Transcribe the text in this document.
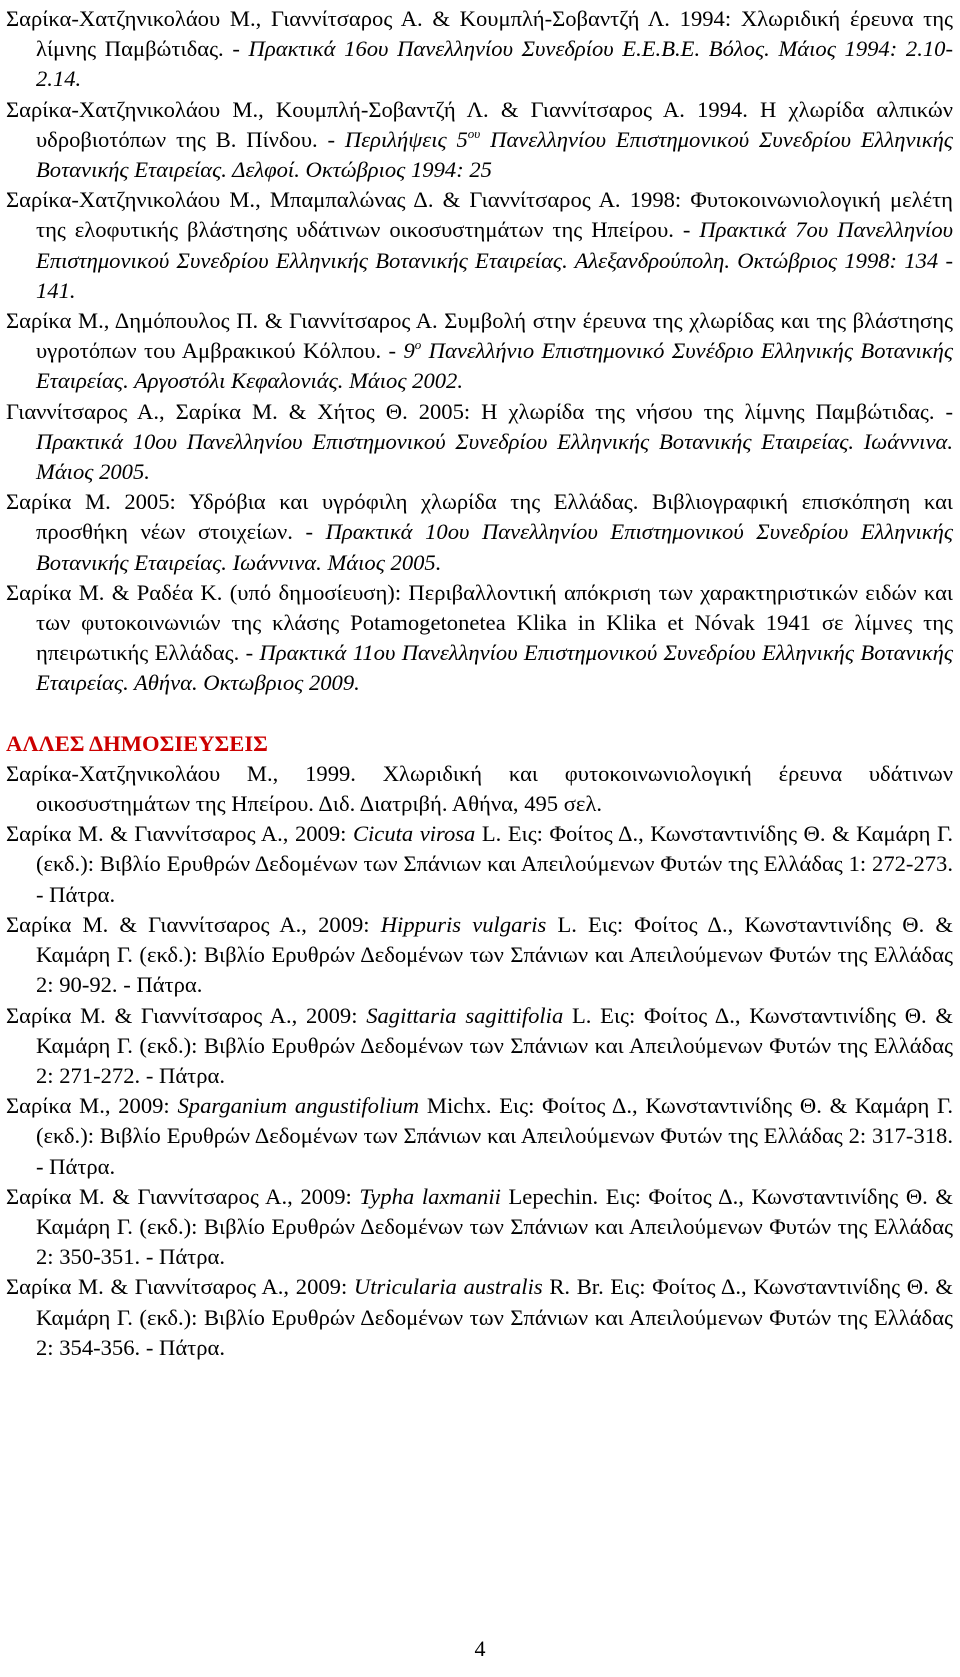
Σαρίκα-Χατζηνικολάου Μ., Γιαννίτσαρος Α. & Κουμπλή-Σοβαντζή Λ. 1994: Χλωριδική έρευνα της λίμνης Παμβώτιδας. - Πρακτικά 16ου Πανελληνίου Συνεδρίου Ε.Ε.Β.Ε. Βόλος. Μάιος 1994: 2.10-2.14.

Σαρίκα-Χατζηνικολάου Μ., Κουμπλή-Σοβαντζή Λ. & Γιαννίτσαρος Α. 1994. Η χλωρίδα αλπικών υδροβιοτόπων της Β. Πίνδου. - Περιλήψεις $5^{o\upsilon}$ Πανελληνίου Επιστημονικού Συνεδρίου Ελληνικής Βοτανικής Εταιρείας. Δελφοί. Οκτώβριος 1994: 25

Σαρίκα-Χατζηνικολάου Μ., Μπαμπαλώνας Δ. & Γιαννίτσαρος Α. 1998: Φυτοκοινωνιολογική μελέτη της ελοφυτικής βλάστησης υδάτινων οικοσυστημάτων της Ηπείρου. - Πρακτικά 7ου Πανελληνίου Επιστημονικού Συνεδρίου Ελληνικής Βοτανικής Εταιρείας. Αλεξανδρούπολη. Οκτώβριος 1998: 134 - 141.

Σαρίκα Μ., Δημόπουλος Π. & Γιαννίτσαρος Α. Συμβολή στην έρευνα της χλωρίδας και της βλάστησης υγροτόπων του Αμβρακικού Κόλπου. - $9^o$ Πανελλήνιο Επιστημονικό Συνέδριο Ελληνικής Βοτανικής Εταιρείας. Αργοστόλι Κεφαλονιάς. Μάιος 2002.

Γιαννίτσαρος Α., Σαρίκα Μ. & Χήτος Θ. 2005: Η χλωρίδα της νήσου της λίμνης Παμβώτιδας. - Πρακτικά 10ου Πανελληνίου Επιστημονικού Συνεδρίου Ελληνικής Βοτανικής Εταιρείας. Ιωάννινα. Μάιος 2005.

Σαρίκα Μ. 2005: Υδρόβια και υγρόφιλη χλωρίδα της Ελλάδας. Βιβλιογραφική επισκόπηση και προσθήκη νέων στοιχείων. - Πρακτικά 10ου Πανελληνίου Επιστημονικού Συνεδρίου Ελληνικής Βοτανικής Εταιρείας. Ιωάννινα. Μάιος 2005.

Σαρίκα Μ. & Ραδέα Κ. (υπό δημοσίευση): Περιβαλλοντική απόκριση των χαρακτηριστικών ειδών και των φυτοκοινωνιών της κλάσης Potamogetonetea Klika in Klika et Nóvak 1941 σε λίμνες της ηπειρωτικής Ελλάδας. - Πρακτικά 11ου Πανελληνίου Επιστημονικού Συνεδρίου Ελληνικής Βοτανικής Εταιρείας. Αθήνα. Οκτωβριος 2009.

ΑΛΛΕΣ ΔΗΜΟΣΙΕΥΣΕΙΣ

Σαρίκα-Χατζηνικολάου Μ., 1999. Χλωριδική και φυτοκοινωνιολογική έρευνα υδάτινων οικοσυστημάτων της Ηπείρου. Διδ. Διατριβή. Αθήνα, 495 σελ.

Σαρίκα Μ. & Γιαννίτσαρος Α., 2009: Cicuta virosa L. Εις: Φοίτος Δ., Κωνσταντινίδης Θ. & Καμάρη Γ. (εκδ.): Βιβλίο Ερυθρών Δεδομένων των Σπάνιων και Απειλούμενων Φυτών της Ελλάδας 1: 272-273. - Πάτρα.

Σαρίκα Μ. & Γιαννίτσαρος Α., 2009: Hippuris vulgaris L. Εις: Φοίτος Δ., Κωνσταντινίδης Θ. & Καμάρη Γ. (εκδ.): Βιβλίο Ερυθρών Δεδομένων των Σπάνιων και Απειλούμενων Φυτών της Ελλάδας 2: 90-92. - Πάτρα.

Σαρίκα Μ. & Γιαννίτσαρος Α., 2009: Sagittaria sagittifolia L. Εις: Φοίτος Δ., Κωνσταντινίδης Θ. & Καμάρη Γ. (εκδ.): Βιβλίο Ερυθρών Δεδομένων των Σπάνιων και Απειλούμενων Φυτών της Ελλάδας 2: 271-272. - Πάτρα.

Σαρίκα Μ., 2009: Sparganium angustifolium Michx. Εις: Φοίτος Δ., Κωνσταντινίδης Θ. & Καμάρη Γ. (εκδ.): Βιβλίο Ερυθρών Δεδομένων των Σπάνιων και Απειλούμενων Φυτών της Ελλάδας 2: 317-318. - Πάτρα.

Σαρίκα Μ. & Γιαννίτσαρος Α., 2009: Typha laxmanii Lepechin. Εις: Φοίτος Δ., Κωνσταντινίδης Θ. & Καμάρη Γ. (εκδ.): Βιβλίο Ερυθρών Δεδομένων των Σπάνιων και Απειλούμενων Φυτών της Ελλάδας 2: 350-351. - Πάτρα.

Σαρίκα Μ. & Γιαννίτσαρος Α., 2009: Utricularia australis R. Br. Εις: Φοίτος Δ., Κωνσταντινίδης Θ. & Καμάρη Γ. (εκδ.): Βιβλίο Ερυθρών Δεδομένων των Σπάνιων και Απειλούμενων Φυτών της Ελλάδας 2: 354-356. - Πάτρα.

4
